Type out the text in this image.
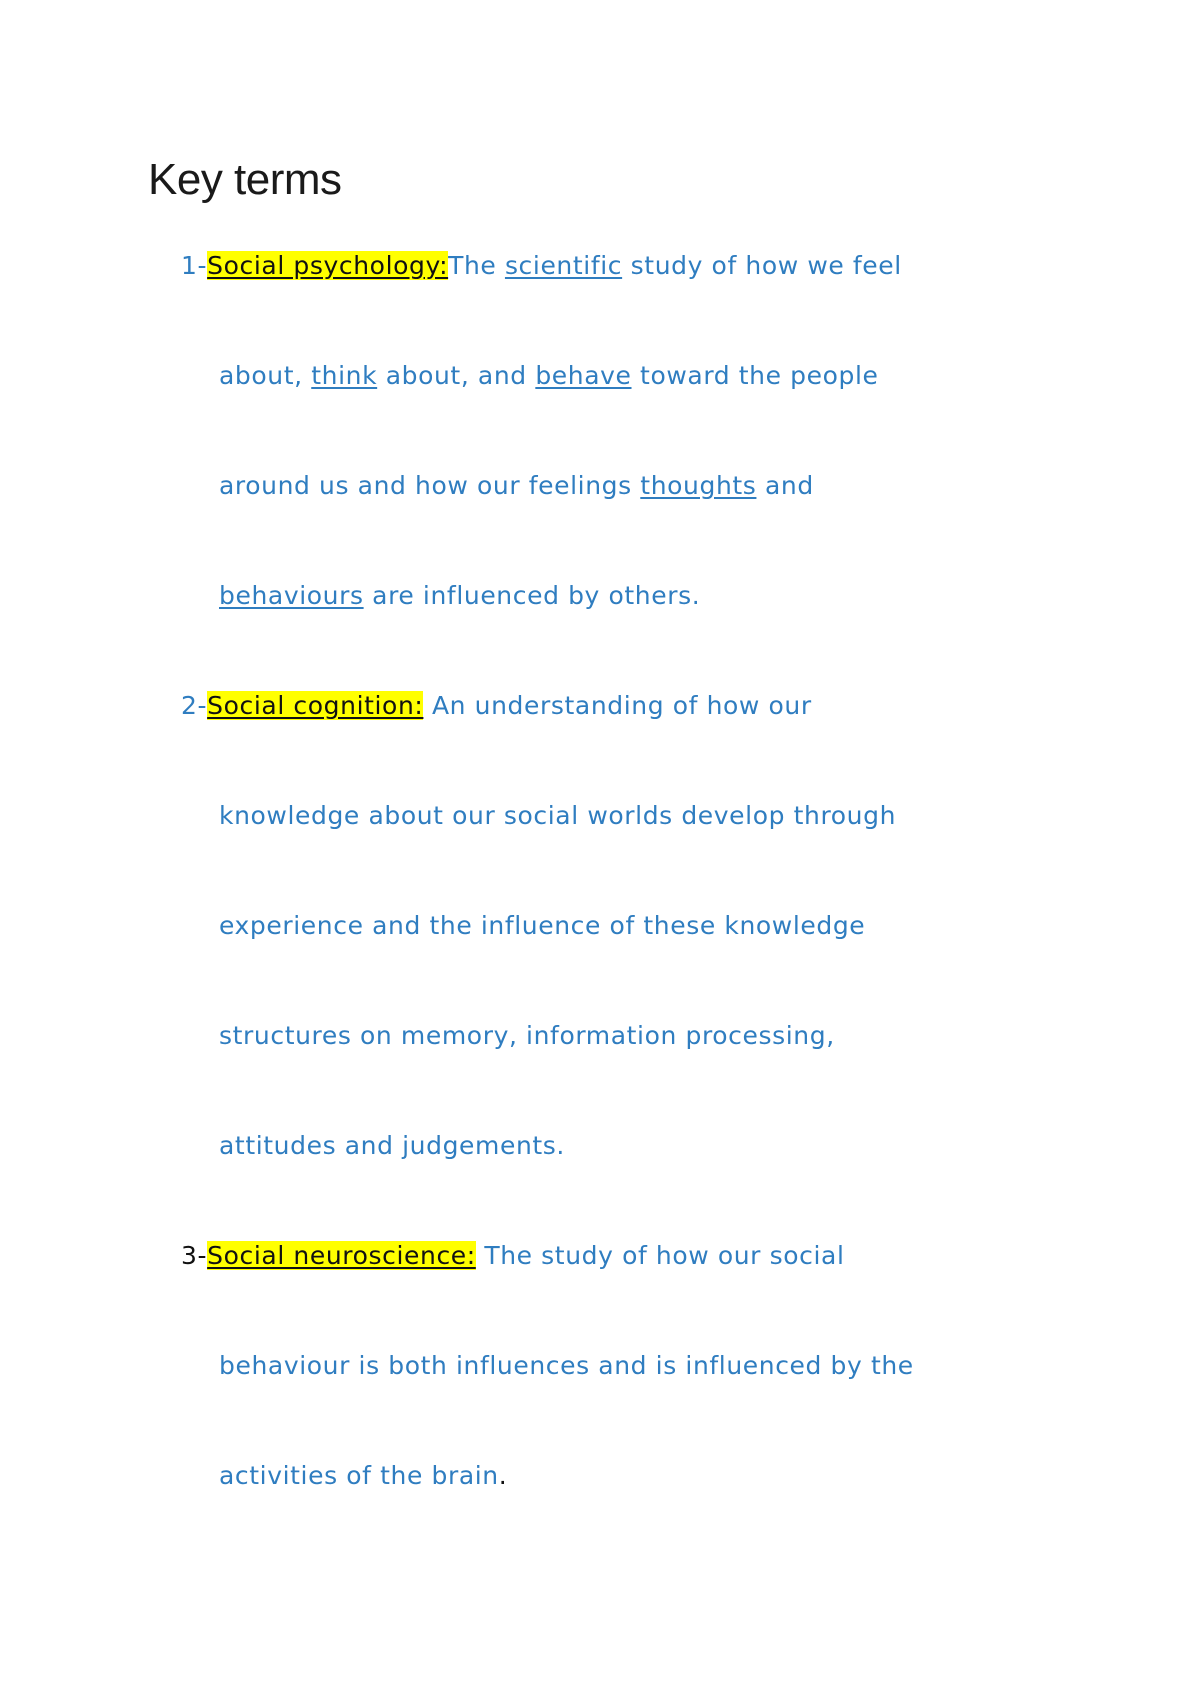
Key terms
1-Social psychology:The scientific study of how we feel
about, think about, and behave toward the people
around us and how our feelings thoughts and
behaviours are influenced by others.
2-Social cognition: An understanding of how our
knowledge about our social worlds develop through
experience and the influence of these knowledge
structures on memory, information processing,
attitudes and judgements.
3-Social neuroscience: The study of how our social
behaviour is both influences and is influenced by the
activities of the brain.
